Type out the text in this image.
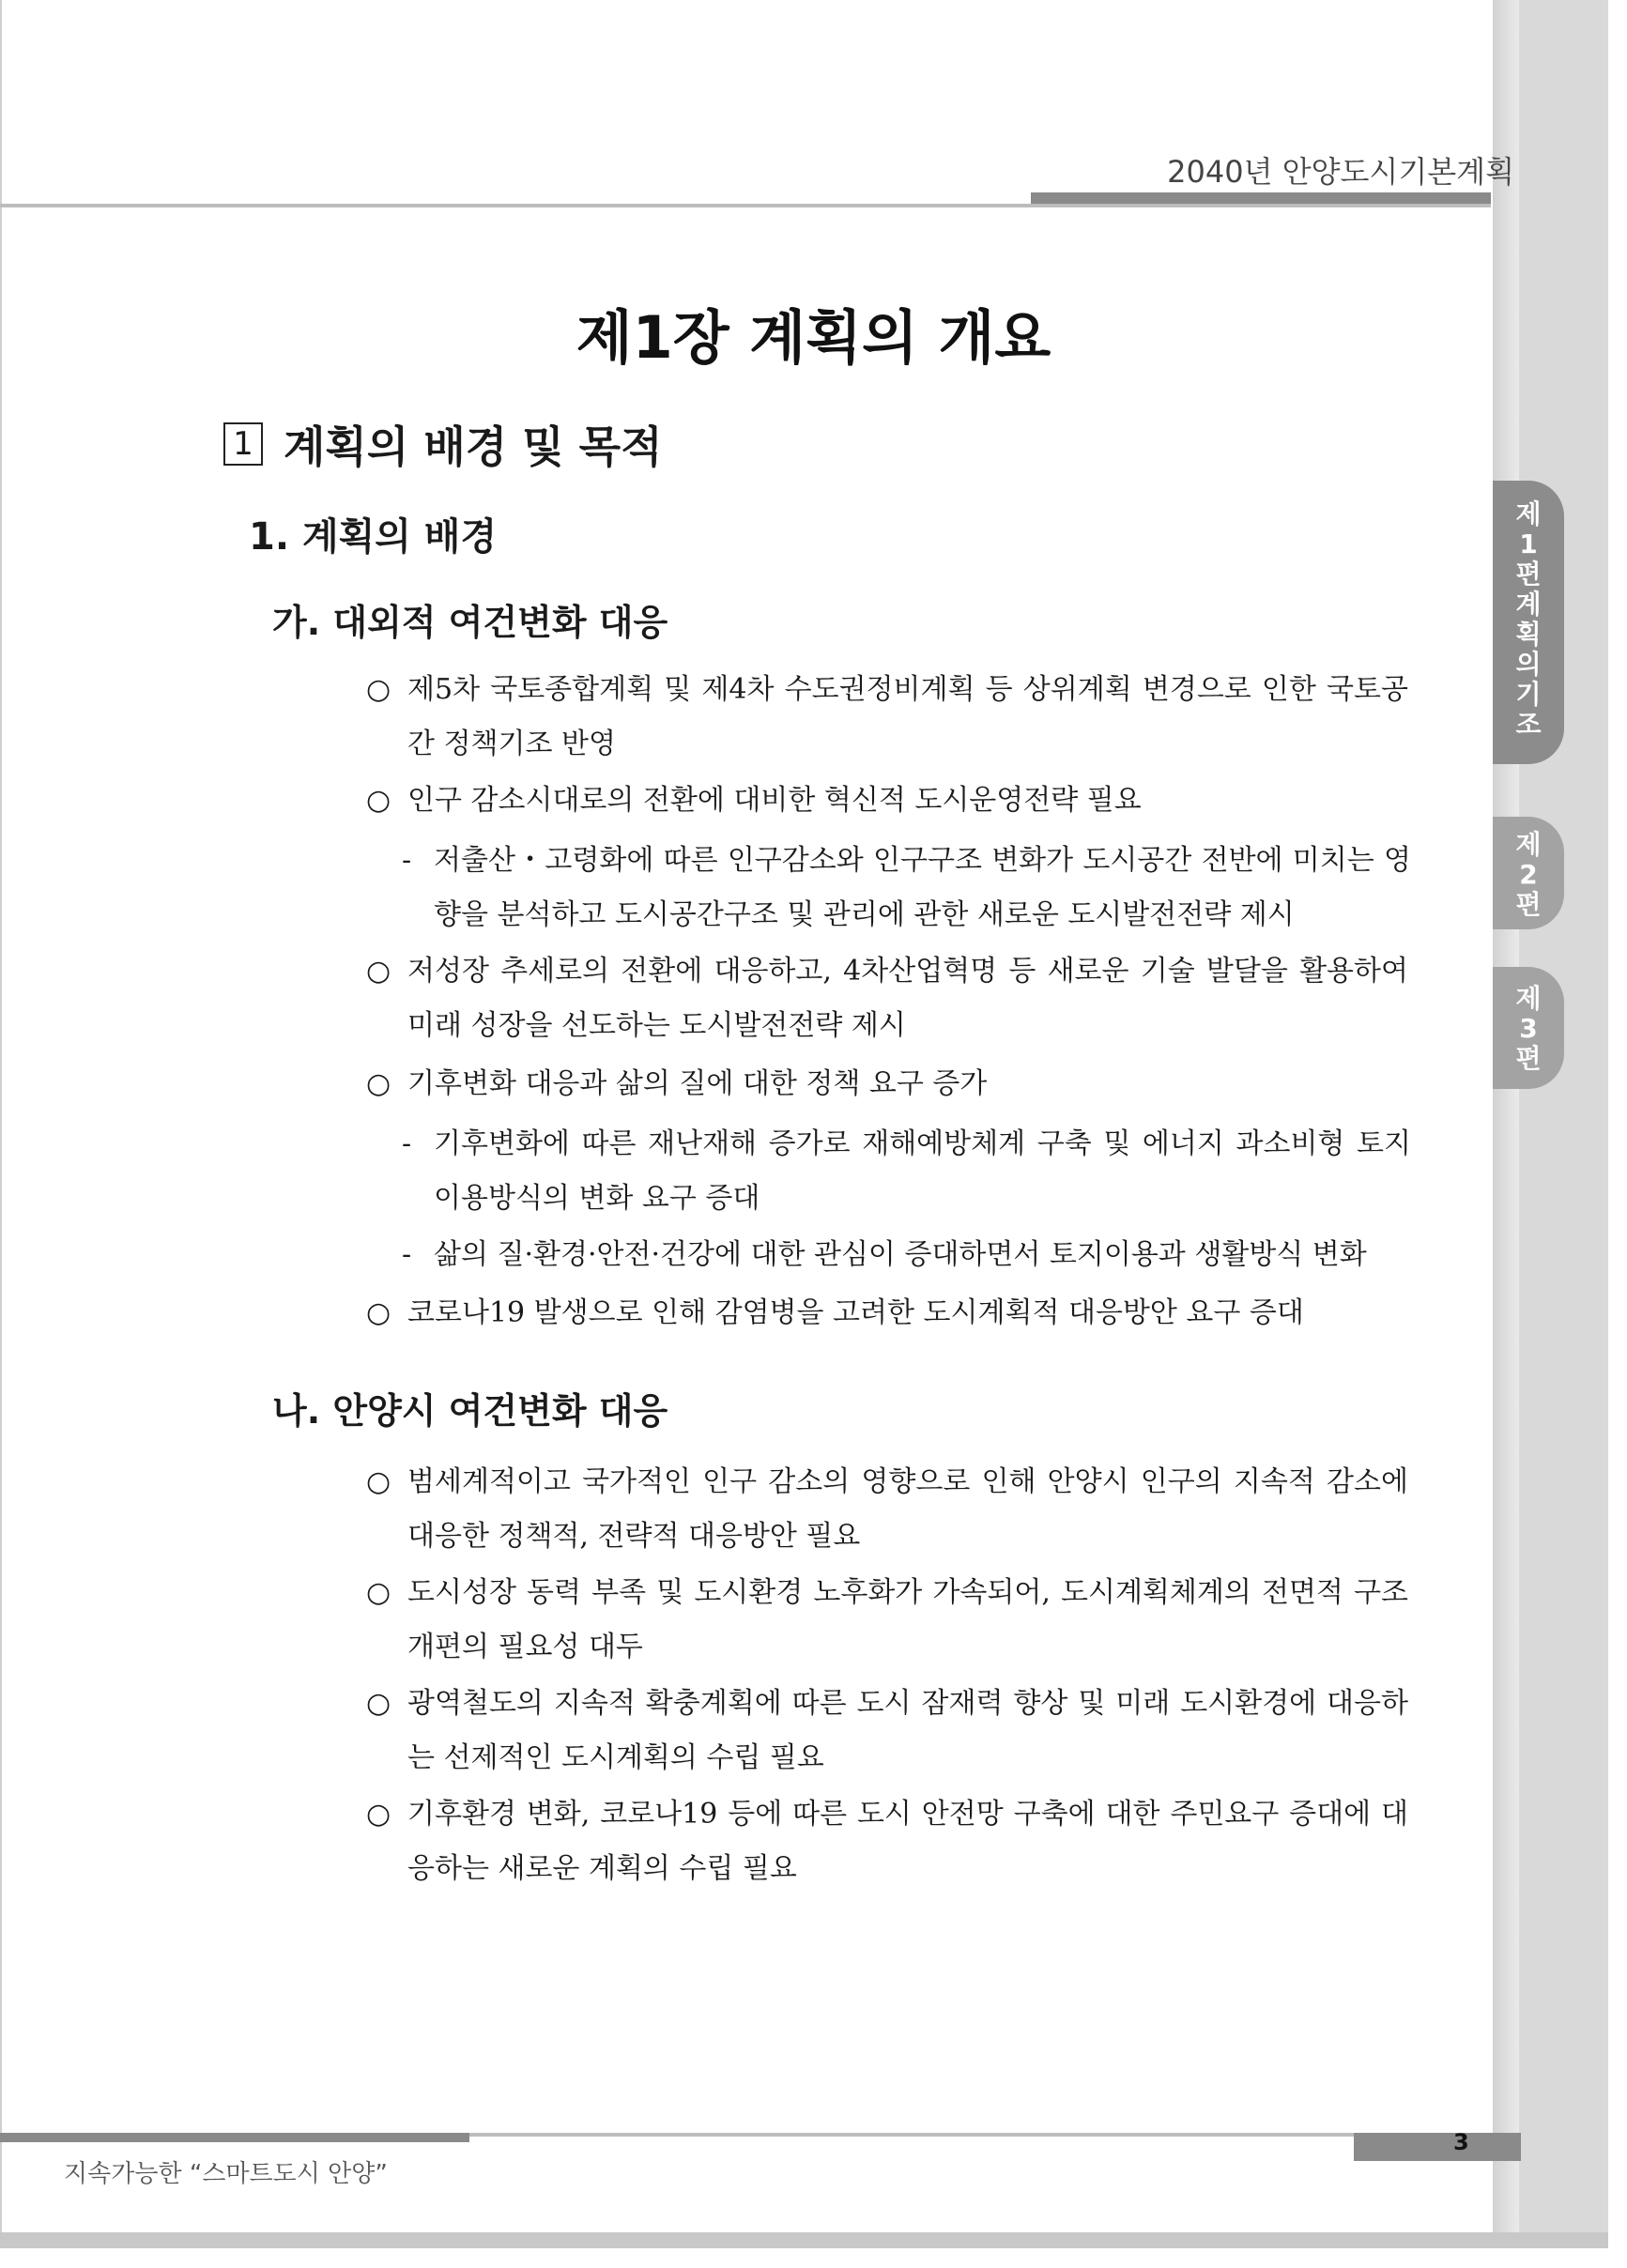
2040년 안양도시기본계획
제1장 계획의 개요
1 계획의 배경 및 목적
1. 계획의 배경
가. 대외적 여건변화 대응
○ 제5차 국토종합계획 및 제4차 수도권정비계획 등 상위계획 변경으로 인한 국토공간 정책기조 반영
○ 인구 감소시대로의 전환에 대비한 혁신적 도시운영전략 필요
- 저출산・고령화에 따른 인구감소와 인구구조 변화가 도시공간 전반에 미치는 영향을 분석하고 도시공간구조 및 관리에 관한 새로운 도시발전전략 제시
○ 저성장 추세로의 전환에 대응하고, 4차산업혁명 등 새로운 기술 발달을 활용하여 미래 성장을 선도하는 도시발전전략 제시
○ 기후변화 대응과 삶의 질에 대한 정책 요구 증가
- 기후변화에 따른 재난재해 증가로 재해예방체계 구축 및 에너지 과소비형 토지이용방식의 변화 요구 증대
- 삶의 질·환경·안전·건강에 대한 관심이 증대하면서 토지이용과 생활방식 변화
○ 코로나19 발생으로 인해 감염병을 고려한 도시계획적 대응방안 요구 증대
나. 안양시 여건변화 대응
○ 범세계적이고 국가적인 인구 감소의 영향으로 인해 안양시 인구의 지속적 감소에 대응한 정책적, 전략적 대응방안 필요
○ 도시성장 동력 부족 및 도시환경 노후화가 가속되어, 도시계획체계의 전면적 구조개편의 필요성 대두
○ 광역철도의 지속적 확충계획에 따른 도시 잠재력 향상 및 미래 도시환경에 대응하는 선제적인 도시계획의 수립 필요
○ 기후환경 변화, 코로나19 등에 따른 도시 안전망 구축에 대한 주민요구 증대에 대응하는 새로운 계획의 수립 필요
제
1
편
계
획
의
기
조
제
2
편
제
3
편
3
지속가능한 “스마트도시 안양”
